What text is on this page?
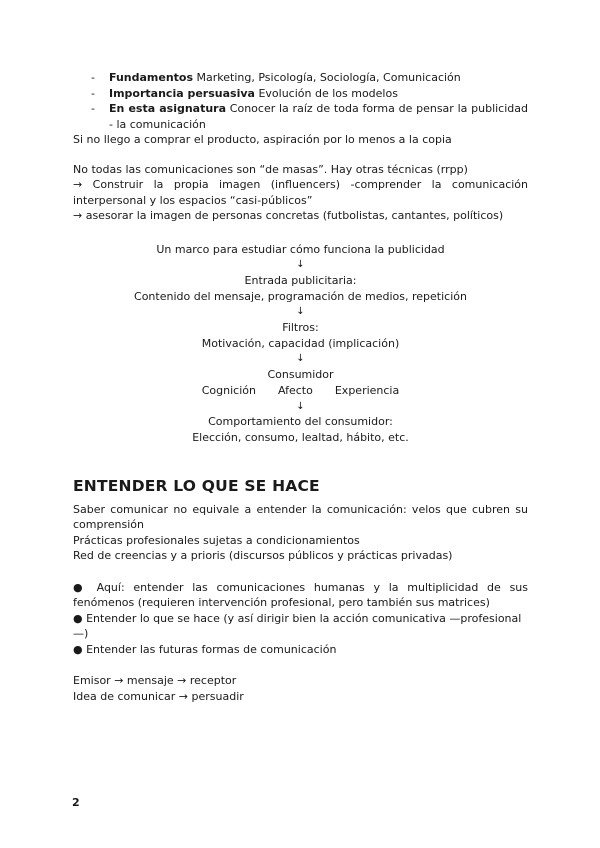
- Fundamentos Marketing, Psicología, Sociología, Comunicación
- Importancia persuasiva Evolución de los modelos
- En esta asignatura Conocer la raíz de toda forma de pensar la publicidad - la comunicación

Si no llego a comprar el producto, aspiración por lo menos a la copia

No todas las comunicaciones son “de masas”. Hay otras técnicas (rrpp)

→ Construir la propia imagen (influencers) -comprender la comunicación interpersonal y los espacios “casi-públicos”

→ asesorar la imagen de personas concretas (futbolistas, cantantes, políticos)

Un marco para estudiar cómo funciona la publicidad
↓
Entrada publicitaria:
Contenido del mensaje, programación de medios, repetición
↓
Filtros:
Motivación, capacidad (implicación)
↓
Consumidor
Cognición Afecto Experiencia
↓
Comportamiento del consumidor:
Elección, consumo, lealtad, hábito, etc.
ENTENDER LO QUE SE HACE

Saber comunicar no equivale a entender la comunicación: velos que cubren su comprensión

Prácticas profesionales sujetas a condicionamientos

Red de creencias y a prioris (discursos públicos y prácticas privadas)

● Aquí: entender las comunicaciones humanas y la multiplicidad de sus fenómenos (requieren intervención profesional, pero también sus matrices)

● Entender lo que se hace (y así dirigir bien la acción comunicativa —profesional—)

● Entender las futuras formas de comunicación

Emisor → mensaje → receptor

Idea de comunicar → persuadir

2
